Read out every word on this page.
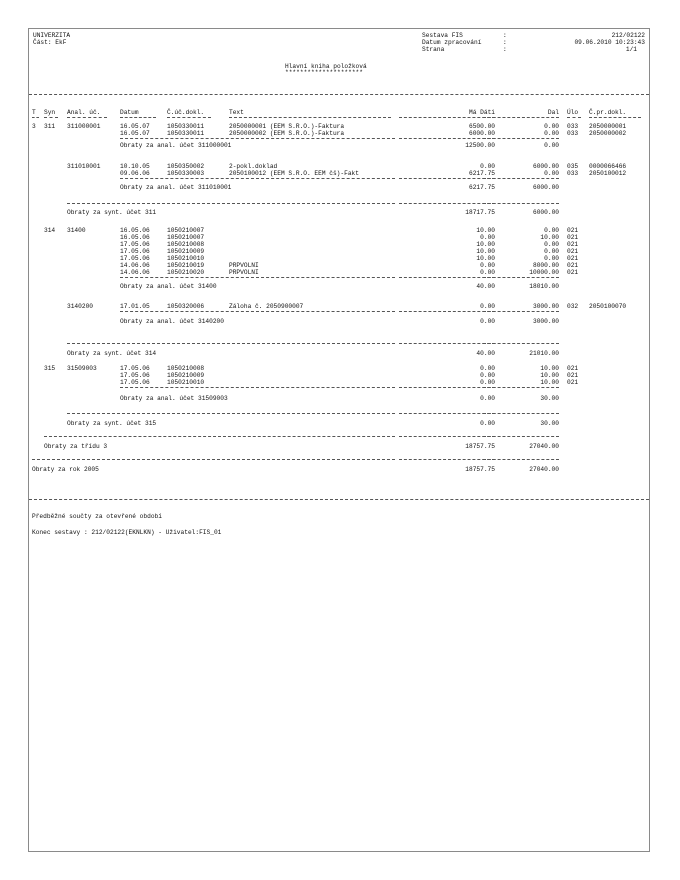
UNIVERZITA
Část: EkF
Sestava FIS	:	212/02122
Datum zpracování	:	09.06.2010 10:23:43
Strana	:	1/1
Hlavní kniha položková
*********************
T Syn Anal. úč.	Datum	Č.úč.dokl.	Text	Má Dáti	Dal Úlo Č.pr.dokl.
3 311 311000001	16.05.07	1050330011	2050000001 (EEM S.R.O.)-Faktura	6500.00	0.00 033 2050000001
16.05.07	1050330011	2050000002 (EEM S.R.O.)-Faktura	6000.00	0.00 033 2050000002
Obraty za anal. účet 311000001	12500.00	0.00
311010001	10.10.05	1050350002	2-pokl.doklad	0.00	6000.00 035 0000066466
09.06.06	1050330003	2050100012 (EEM S.R.O. EEM čš)-Fakt	6217.75	0.00 033 2050100012
Obraty za anal. účet 311010001	6217.75	6000.00
Obraty za synt. účet 311	18717.75	6000.00
314 31400	16.05.06	1050210007	10.00	0.00 021
16.05.06	1050210007	0.00	10.00 021
17.05.06	1050210008	10.00	0.00 021
17.05.06	1050210009	10.00	0.00 021
17.05.06	1050210010	10.00	0.00 021
14.06.06	1050210019	PRPVOLNI	0.00	8000.00 021
14.06.06	1050210020	PRPVOLNI	0.00	10000.00 021
Obraty za anal. účet 31400	40.00	18010.00
3140200	17.01.05	1050320006	Záloha č. 2050900007	0.00	3000.00 032 2050100070
Obraty za anal. účet 3140200	0.00	3000.00
Obraty za synt. účet 314	40.00	21010.00
315 31509003	17.05.06	1050210008	0.00	10.00 021
17.05.06	1050210009	0.00	10.00 021
17.05.06	1050210010	0.00	10.00 021
Obraty za anal. účet 31509003	0.00	30.00
Obraty za synt. účet 315	0.00	30.00
Obraty za třídu 3	18757.75	27040.00
Obraty za rok 2005	18757.75	27040.00
Předběžné součty za otevřené období
Konec sestavy : 212/02122(EKNLKN) - Uživatel:FIS_01
